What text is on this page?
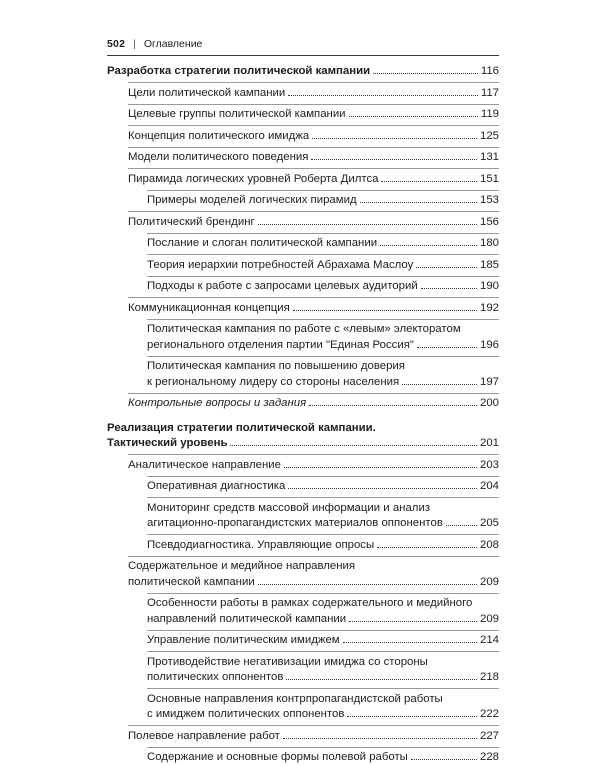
502 | Оглавление
Разработка стратегии политической кампании	116
Цели политической кампании	117
Целевые группы политической кампании	119
Концепция политического имиджа	125
Модели политического поведения	131
Пирамида логических уровней Роберта Дилтса	151
Примеры моделей логических пирамид	153
Политический брендинг	156
Послание и слоган политической кампании	180
Теория иерархии потребностей Абрахама Маслоу	185
Подходы к работе с запросами целевых аудиторий	190
Коммуникационная концепция	192
Политическая кампания по работе с «левым» электоратом
регионального отделения партии "Единая Россия"	196
Политическая кампания по повышению доверия
к региональному лидеру со стороны населения	197
Контрольные вопросы и задания	200
Реализация стратегии политической кампании.
Тактический уровень	201
Аналитическое направление	203
Оперативная диагностика	204
Мониторинг средств массовой информации и анализ
агитационно-пропагандистских материалов оппонентов	205
Псевдодиагностика. Управляющие опросы	208
Содержательное и медийное направления
политической кампании	209
Особенности работы в рамках содержательного и медийного
направлений политической кампании	209
Управление политическим имиджем	214
Противодействие негативизации имиджа со стороны
политических оппонентов	218
Основные направления контрпропагандистской работы
с имиджем политических оппонентов	222
Полевое направление работ	227
Содержание и основные формы полевой работы	228
